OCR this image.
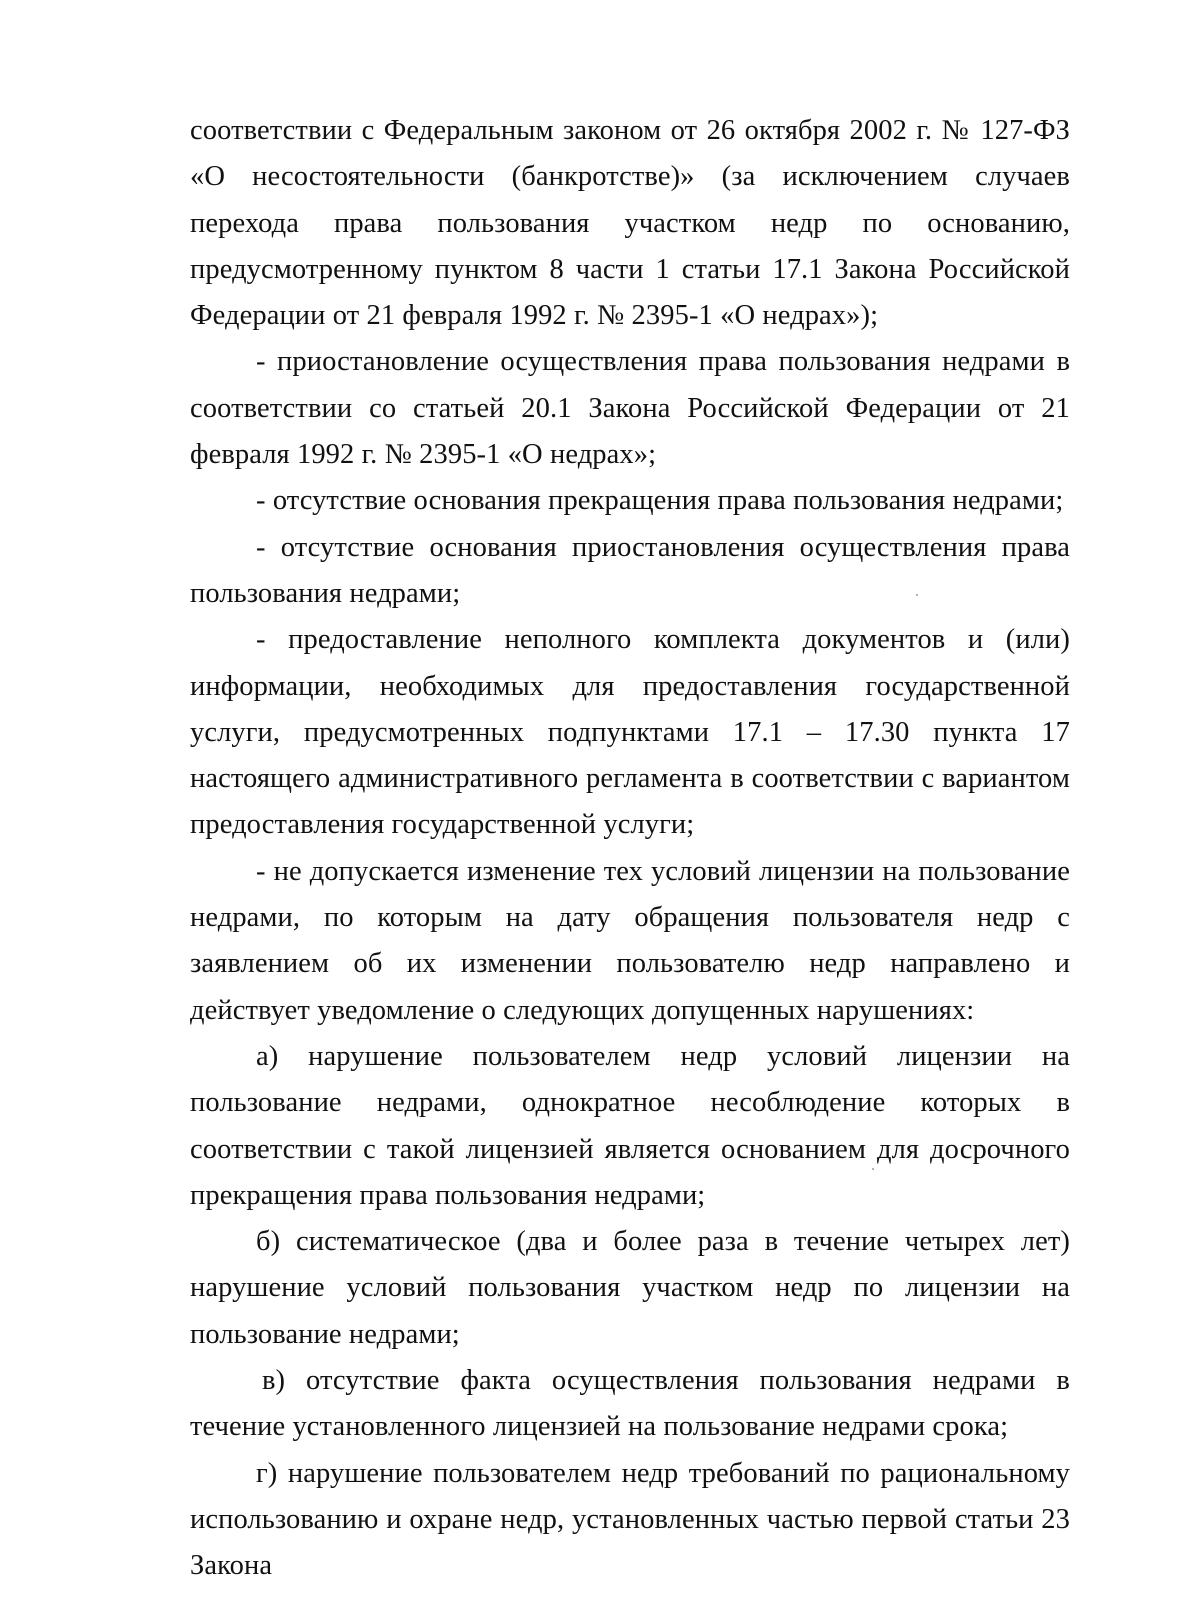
соответствии с Федеральным законом от 26 октября 2002 г. № 127-ФЗ «О несостоятельности (банкротстве)» (за исключением случаев перехода права пользования участком недр по основанию, предусмотренному пунктом 8 части 1 статьи 17.1 Закона Российской Федерации от 21 февраля 1992 г. № 2395-1 «О недрах»);

- приостановление осуществления права пользования недрами в соответствии со статьей 20.1 Закона Российской Федерации от 21 февраля 1992 г. № 2395-1 «О недрах»;

- отсутствие основания прекращения права пользования недрами;

- отсутствие основания приостановления осуществления права пользования недрами;

- предоставление неполного комплекта документов и (или) информации, необходимых для предоставления государственной услуги, предусмотренных подпунктами 17.1 – 17.30 пункта 17 настоящего административного регламента в соответствии с вариантом предоставления государственной услуги;

- не допускается изменение тех условий лицензии на пользование недрами, по которым на дату обращения пользователя недр с заявлением об их изменении пользователю недр направлено и действует уведомление о следующих допущенных нарушениях:

а) нарушение пользователем недр условий лицензии на пользование недрами, однократное несоблюдение которых в соответствии с такой лицензией является основанием для досрочного прекращения права пользования недрами;

б) систематическое (два и более раза в течение четырех лет) нарушение условий пользования участком недр по лицензии на пользование недрами;

в) отсутствие факта осуществления пользования недрами в течение установленного лицензией на пользование недрами срока;

г) нарушение пользователем недр требований по рациональному использованию и охране недр, установленных частью первой статьи 23 Закона
